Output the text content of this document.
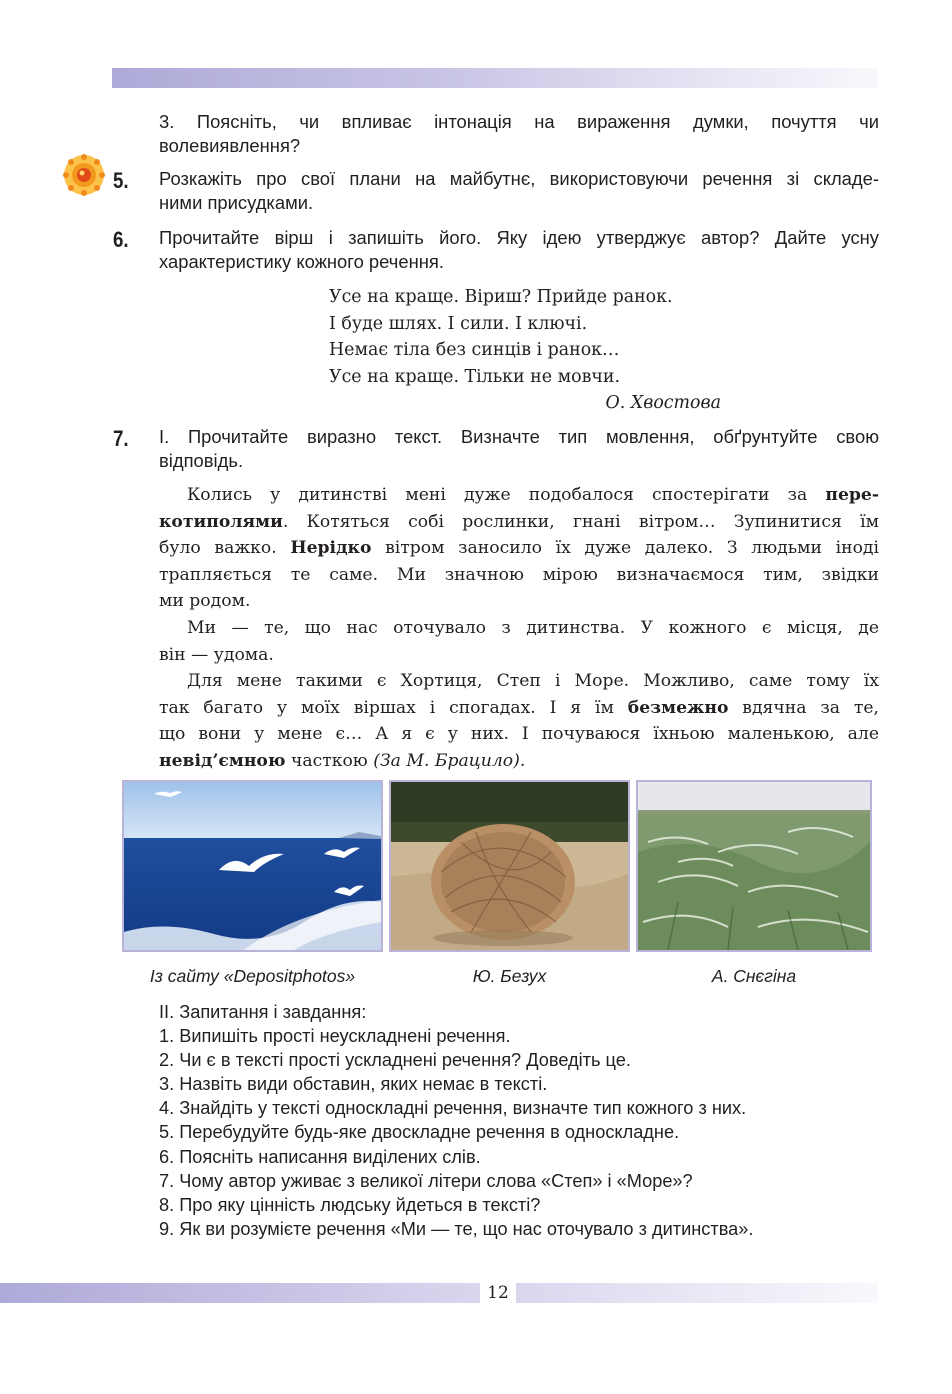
3. Поясніть, чи впливає інтонація на вираження думки, почуття чи
волевиявлення?
5. Розкажіть про свої плани на майбутнє, використовуючи речення зі складе-
ними присудками.
6. Прочитайте вірш і запишіть його. Яку ідею утверджує автор? Дайте усну
характеристику кожного речення.
Усе на краще. Віриш? Прийде ранок.
І буде шлях. І сили. І ключі.
Немає тіла без синців і ранок…
Усе на краще. Тільки не мовчи.
О. Хвостова
7. І. Прочитайте виразно текст. Визначте тип мовлення, обґрунтуйте свою
відповідь.

Колись у дитинстві мені дуже подобалося спостерігати за пере-
котиполями. Котяться собі рослинки, гнані вітром… Зупинитися їм
було важко. Нерідко вітром заносило їх дуже далеко. З людьми іноді
трапляється те саме. Ми значною мірою визначаємося тим, звідки
ми родом.

Ми — те, що нас оточувало з дитинства. У кожного є місця, де
він — удома.

Для мене такими є Хортиця, Степ і Море. Можливо, саме тому їх
так багато у моїх віршах і спогадах. І я їм безмежно вдячна за те,
що вони у мене є… А я є у них. І почуваюся їхньою маленькою, але
невід’ємною часткою (За М. Брацило).

Із сайту «Depositphotos»	Ю. Безух	А. Снєгіна
ІІ. Запитання і завдання:
1. Випишіть прості неускладнені речення.
2. Чи є в тексті прості ускладнені речення? Доведіть це.
3. Назвіть види обставин, яких немає в тексті.
4. Знайдіть у тексті односкладні речення, визначте тип кожного з них.
5. Перебудуйте будь-яке двоскладне речення в односкладне.
6. Поясніть написання виділених слів.
7. Чому автор уживає з великої літери слова «Степ» і «Море»?
8. Про яку цінність людську йдеться в тексті?
9. Як ви розумієте речення «Ми — те, що нас оточувало з дитинства».
12
